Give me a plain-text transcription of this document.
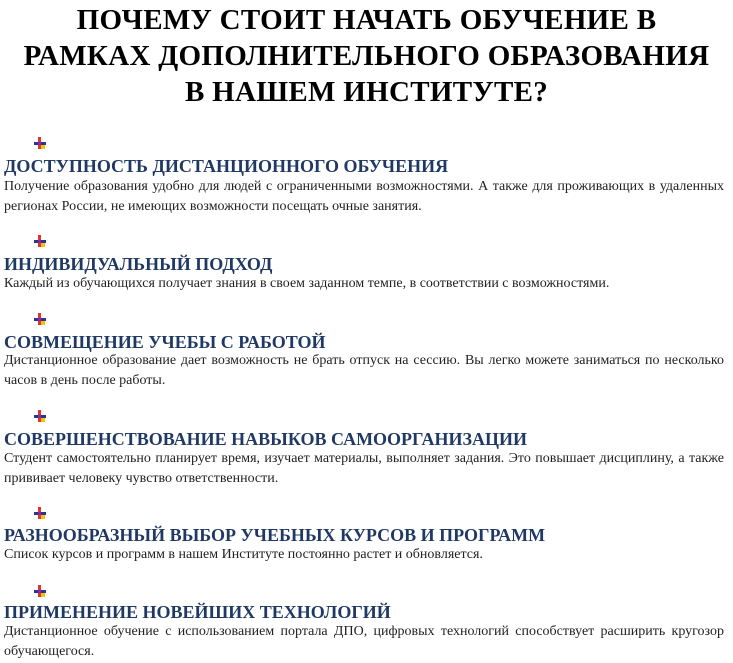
ПОЧЕМУ СТОИТ НАЧАТЬ ОБУЧЕНИЕ В
РАМКАХ ДОПОЛНИТЕЛЬНОГО ОБРАЗОВАНИЯ
В НАШЕМ ИНСТИТУТЕ?
ДОСТУПНОСТЬ ДИСТАНЦИОННОГО ОБУЧЕНИЯ
Получение образования удобно для людей с ограниченными возможностями. А также для проживающих в удаленных регионах России, не имеющих возможности посещать очные занятия.
ИНДИВИДУАЛЬНЫЙ ПОДХОД
Каждый из обучающихся получает знания в своем заданном темпе, в соответствии с возможностями.
СОВМЕЩЕНИЕ УЧЕБЫ С РАБОТОЙ
Дистанционное образование дает возможность не брать отпуск на сессию. Вы легко можете заниматься по несколько часов в день после работы.
СОВЕРШЕНСТВОВАНИЕ НАВЫКОВ САМООРГАНИЗАЦИИ
Студент самостоятельно планирует время, изучает материалы, выполняет задания. Это повышает дисциплину, а также прививает человеку чувство ответственности.
РАЗНООБРАЗНЫЙ ВЫБОР УЧЕБНЫХ КУРСОВ И ПРОГРАММ
Список курсов и программ в нашем Институте постоянно растет и обновляется.
ПРИМЕНЕНИЕ НОВЕЙШИХ ТЕХНОЛОГИЙ
Дистанционное обучение с использованием портала ДПО, цифровых технологий способствует расширить кругозор обучающегося.
